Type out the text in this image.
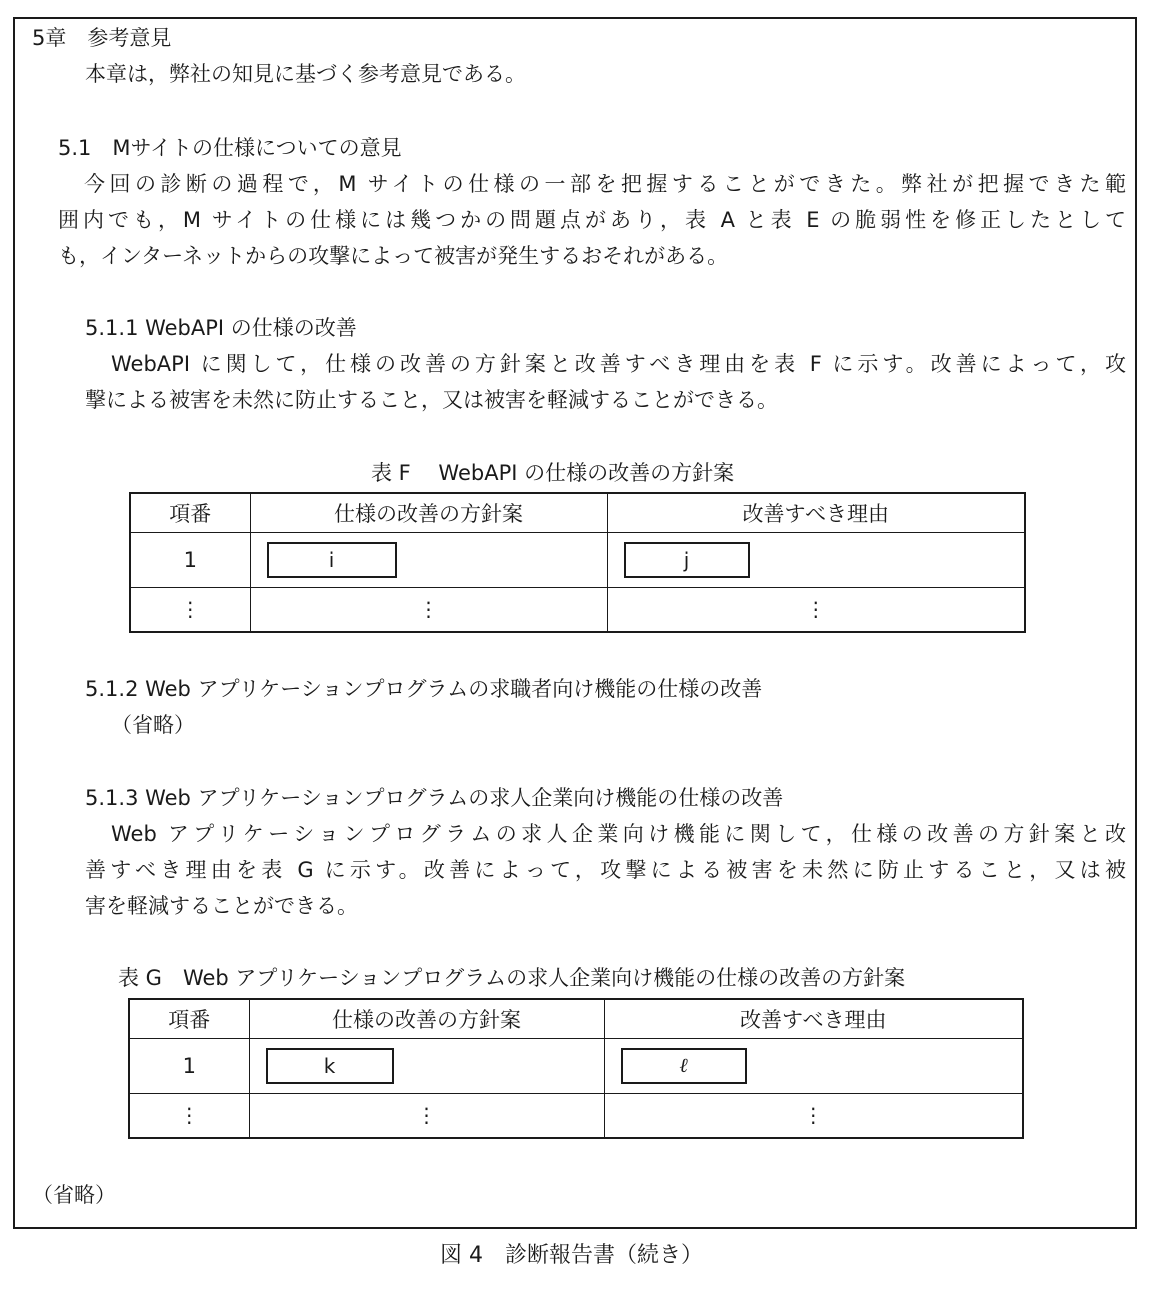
5章　参考意見
本章は，弊社の知見に基づく参考意見である。
5.1　Mサイトの仕様についての意見
今回の診断の過程で，M サイトの仕様の一部を把握することができた。弊社が把握できた範
囲内でも，M サイトの仕様には幾つかの問題点があり，表 A と表 E の脆弱性を修正したとして
も，インターネットからの攻撃によって被害が発生するおそれがある。
5.1.1 WebAPI の仕様の改善
WebAPI に関して，仕様の改善の方針案と改善すべき理由を表 F に示す。改善によって，攻
撃による被害を未然に防止すること，又は被害を軽減することができる。
表 F　 WebAPI の仕様の改善の方針案
項番	仕様の改善の方針案	改善すべき理由
1	i	j

⋮	⋮	⋮
5.1.2 Web アプリケーションプログラムの求職者向け機能の仕様の改善
（省略）
5.1.3 Web アプリケーションプログラムの求人企業向け機能の仕様の改善
Web アプリケーションプログラムの求人企業向け機能に関して，仕様の改善の方針案と改
善すべき理由を表 G に示す。改善によって，攻撃による被害を未然に防止すること，又は被
害を軽減することができる。
表 G　Web アプリケーションプログラムの求人企業向け機能の仕様の改善の方針案
項番	仕様の改善の方針案	改善すべき理由
1	k	ℓ

⋮	⋮	⋮
（省略）
図 4　診断報告書（続き）
